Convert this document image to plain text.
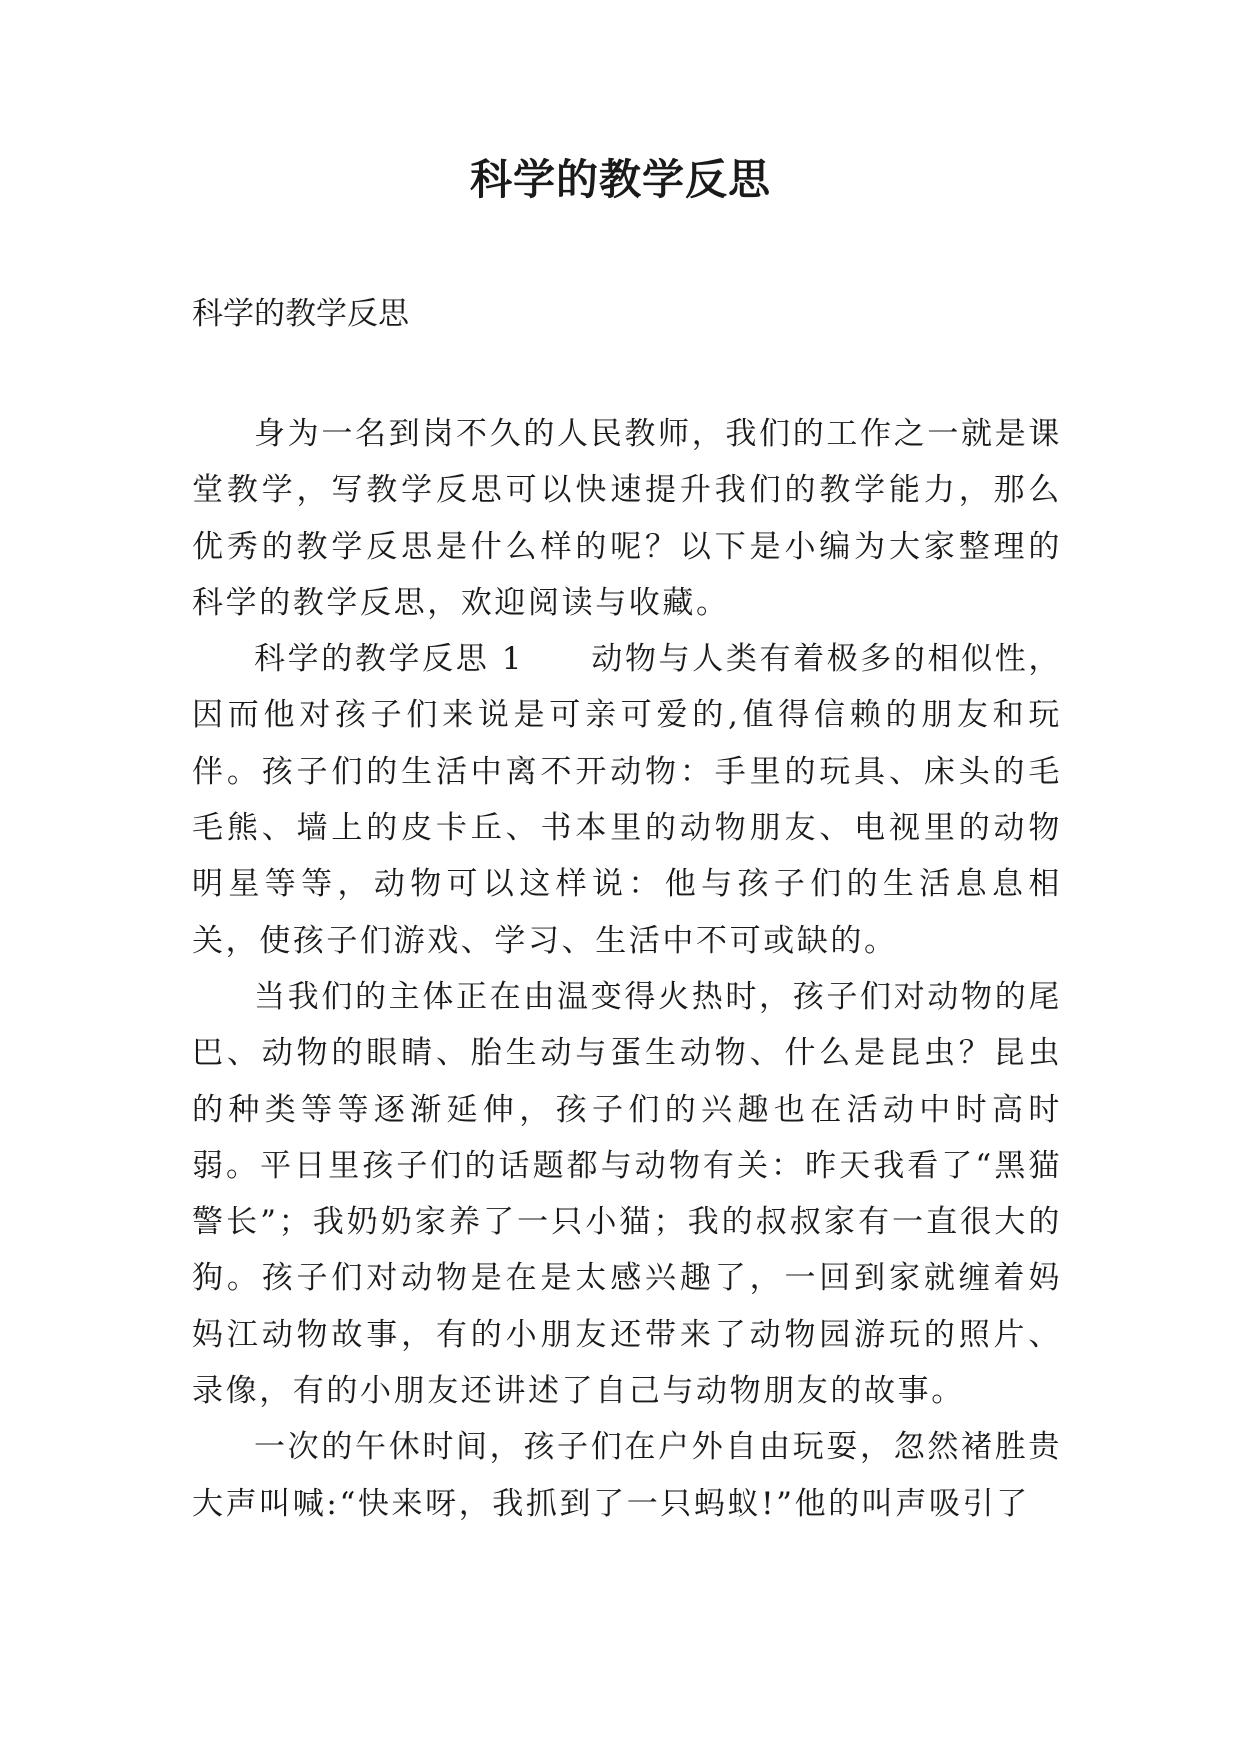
科学的教学反思

科学的教学反思

身为一名到岗不久的人民教师，我们的工作之一就是课堂教学，写教学反思可以快速提升我们的教学能力，那么优秀的教学反思是什么样的呢？以下是小编为大家整理的科学的教学反思，欢迎阅读与收藏。

科学的教学反思 1　　动物与人类有着极多的相似性，因而他对孩子们来说是可亲可爱的,值得信赖的朋友和玩伴。孩子们的生活中离不开动物：手里的玩具、床头的毛毛熊、墙上的皮卡丘、书本里的动物朋友、电视里的动物明星等等，动物可以这样说：他与孩子们的生活息息相关，使孩子们游戏、学习、生活中不可或缺的。

当我们的主体正在由温变得火热时，孩子们对动物的尾巴、动物的眼睛、胎生动与蛋生动物、什么是昆虫？昆虫的种类等等逐渐延伸，孩子们的兴趣也在活动中时高时弱。平日里孩子们的话题都与动物有关：昨天我看了“黑猫警长”；我奶奶家养了一只小猫；我的叔叔家有一直很大的狗。孩子们对动物是在是太感兴趣了，一回到家就缠着妈妈江动物故事，有的小朋友还带来了动物园游玩的照片、录像，有的小朋友还讲述了自己与动物朋友的故事。

一次的午休时间，孩子们在户外自由玩耍，忽然褚胜贵大声叫喊:“快来呀，我抓到了一只蚂蚁!”他的叫声吸引了
